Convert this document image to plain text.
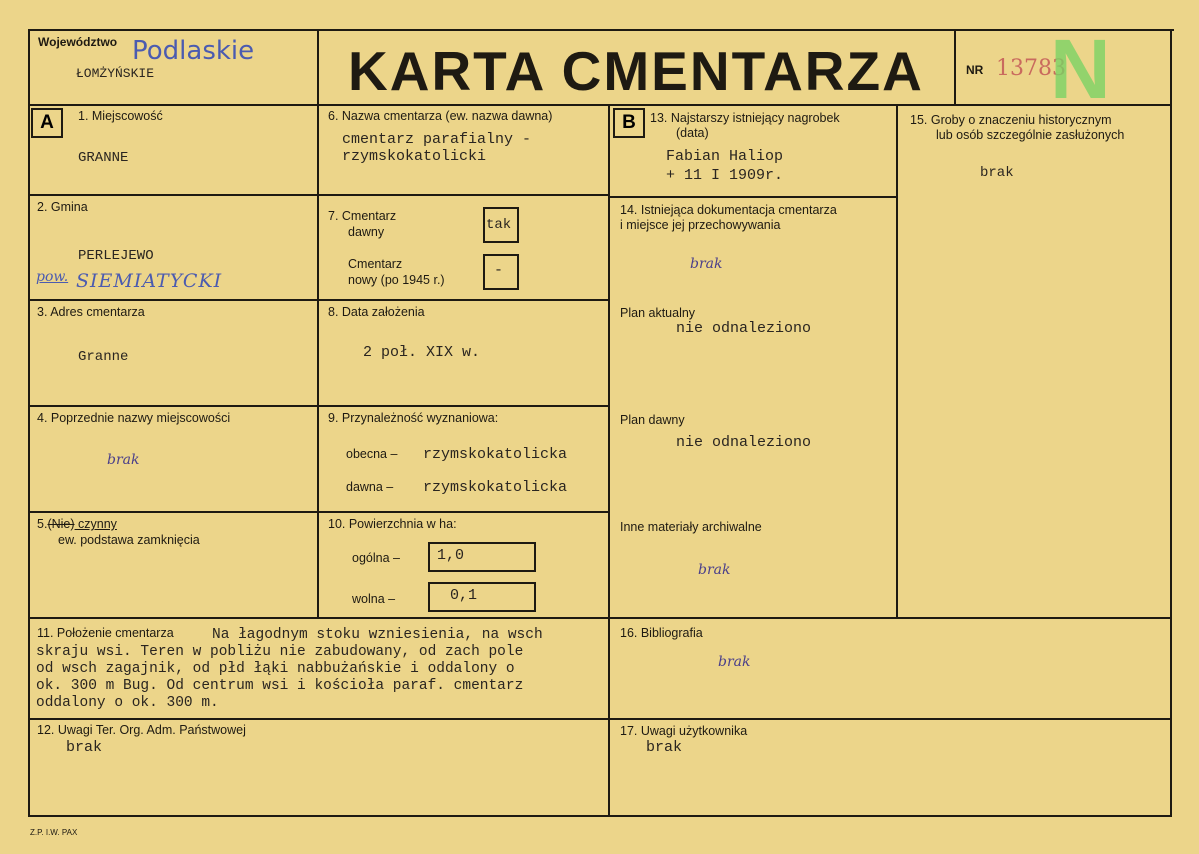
Województwo Podlaskie
ŁOMŻYŃSKIE	KARTA CMENTARZA	NR 13783
N
A	B
1. Miejscowość
GRANNE
2. Gmina
PERLEJEWO
pow. SIEMIATYCKI
3. Adres cmentarza
Granne
4. Poprzednie nazwy miejscowości
brak
5.(Nie) czynny
ew. podstawa zamknięcia
6. Nazwa cmentarza (ew. nazwa dawna)
cmentarz parafialny -
rzymskokatolicki
7. Cmentarz
dawny	tak
Cmentarz
nowy (po 1945 r.)
-
8. Data założenia
2 poł. XIX w.
9. Przynależność wyznaniowa:
obecna – rzymskokatolicka
dawna – rzymskokatolicka
10. Powierzchnia w ha:
ogólna – 1,0
wolna –	0,1
13. Najstarszy istniejący nagrobek
(data)
Fabian Haliop
+ 11 I 1909r.
14. Istniejąca dokumentacja cmentarza
i miejsce jej przechowywania
brak
Plan aktualny
nie odnaleziono
Plan dawny
nie odnaleziono
Inne materiały archiwalne
brak
15. Groby o znaczeniu historycznym
lub osób szczególnie zasłużonych
brak
11. Położenie cmentarza	Na łagodnym stoku wzniesienia, na wsch
skraju wsi. Teren w pobliżu nie zabudowany, od zach pole
od wsch zagajnik, od płd łąki nabbużańskie i oddalony o
ok. 300 m Bug. Od centrum wsi i kościoła paraf. cmentarz
oddalony o ok. 300 m.
16. Bibliografia
brak
12. Uwagi Ter. Org. Adm. Państwowej
brak
17. Uwagi użytkownika
brak
Z.P. I.W. PAX
